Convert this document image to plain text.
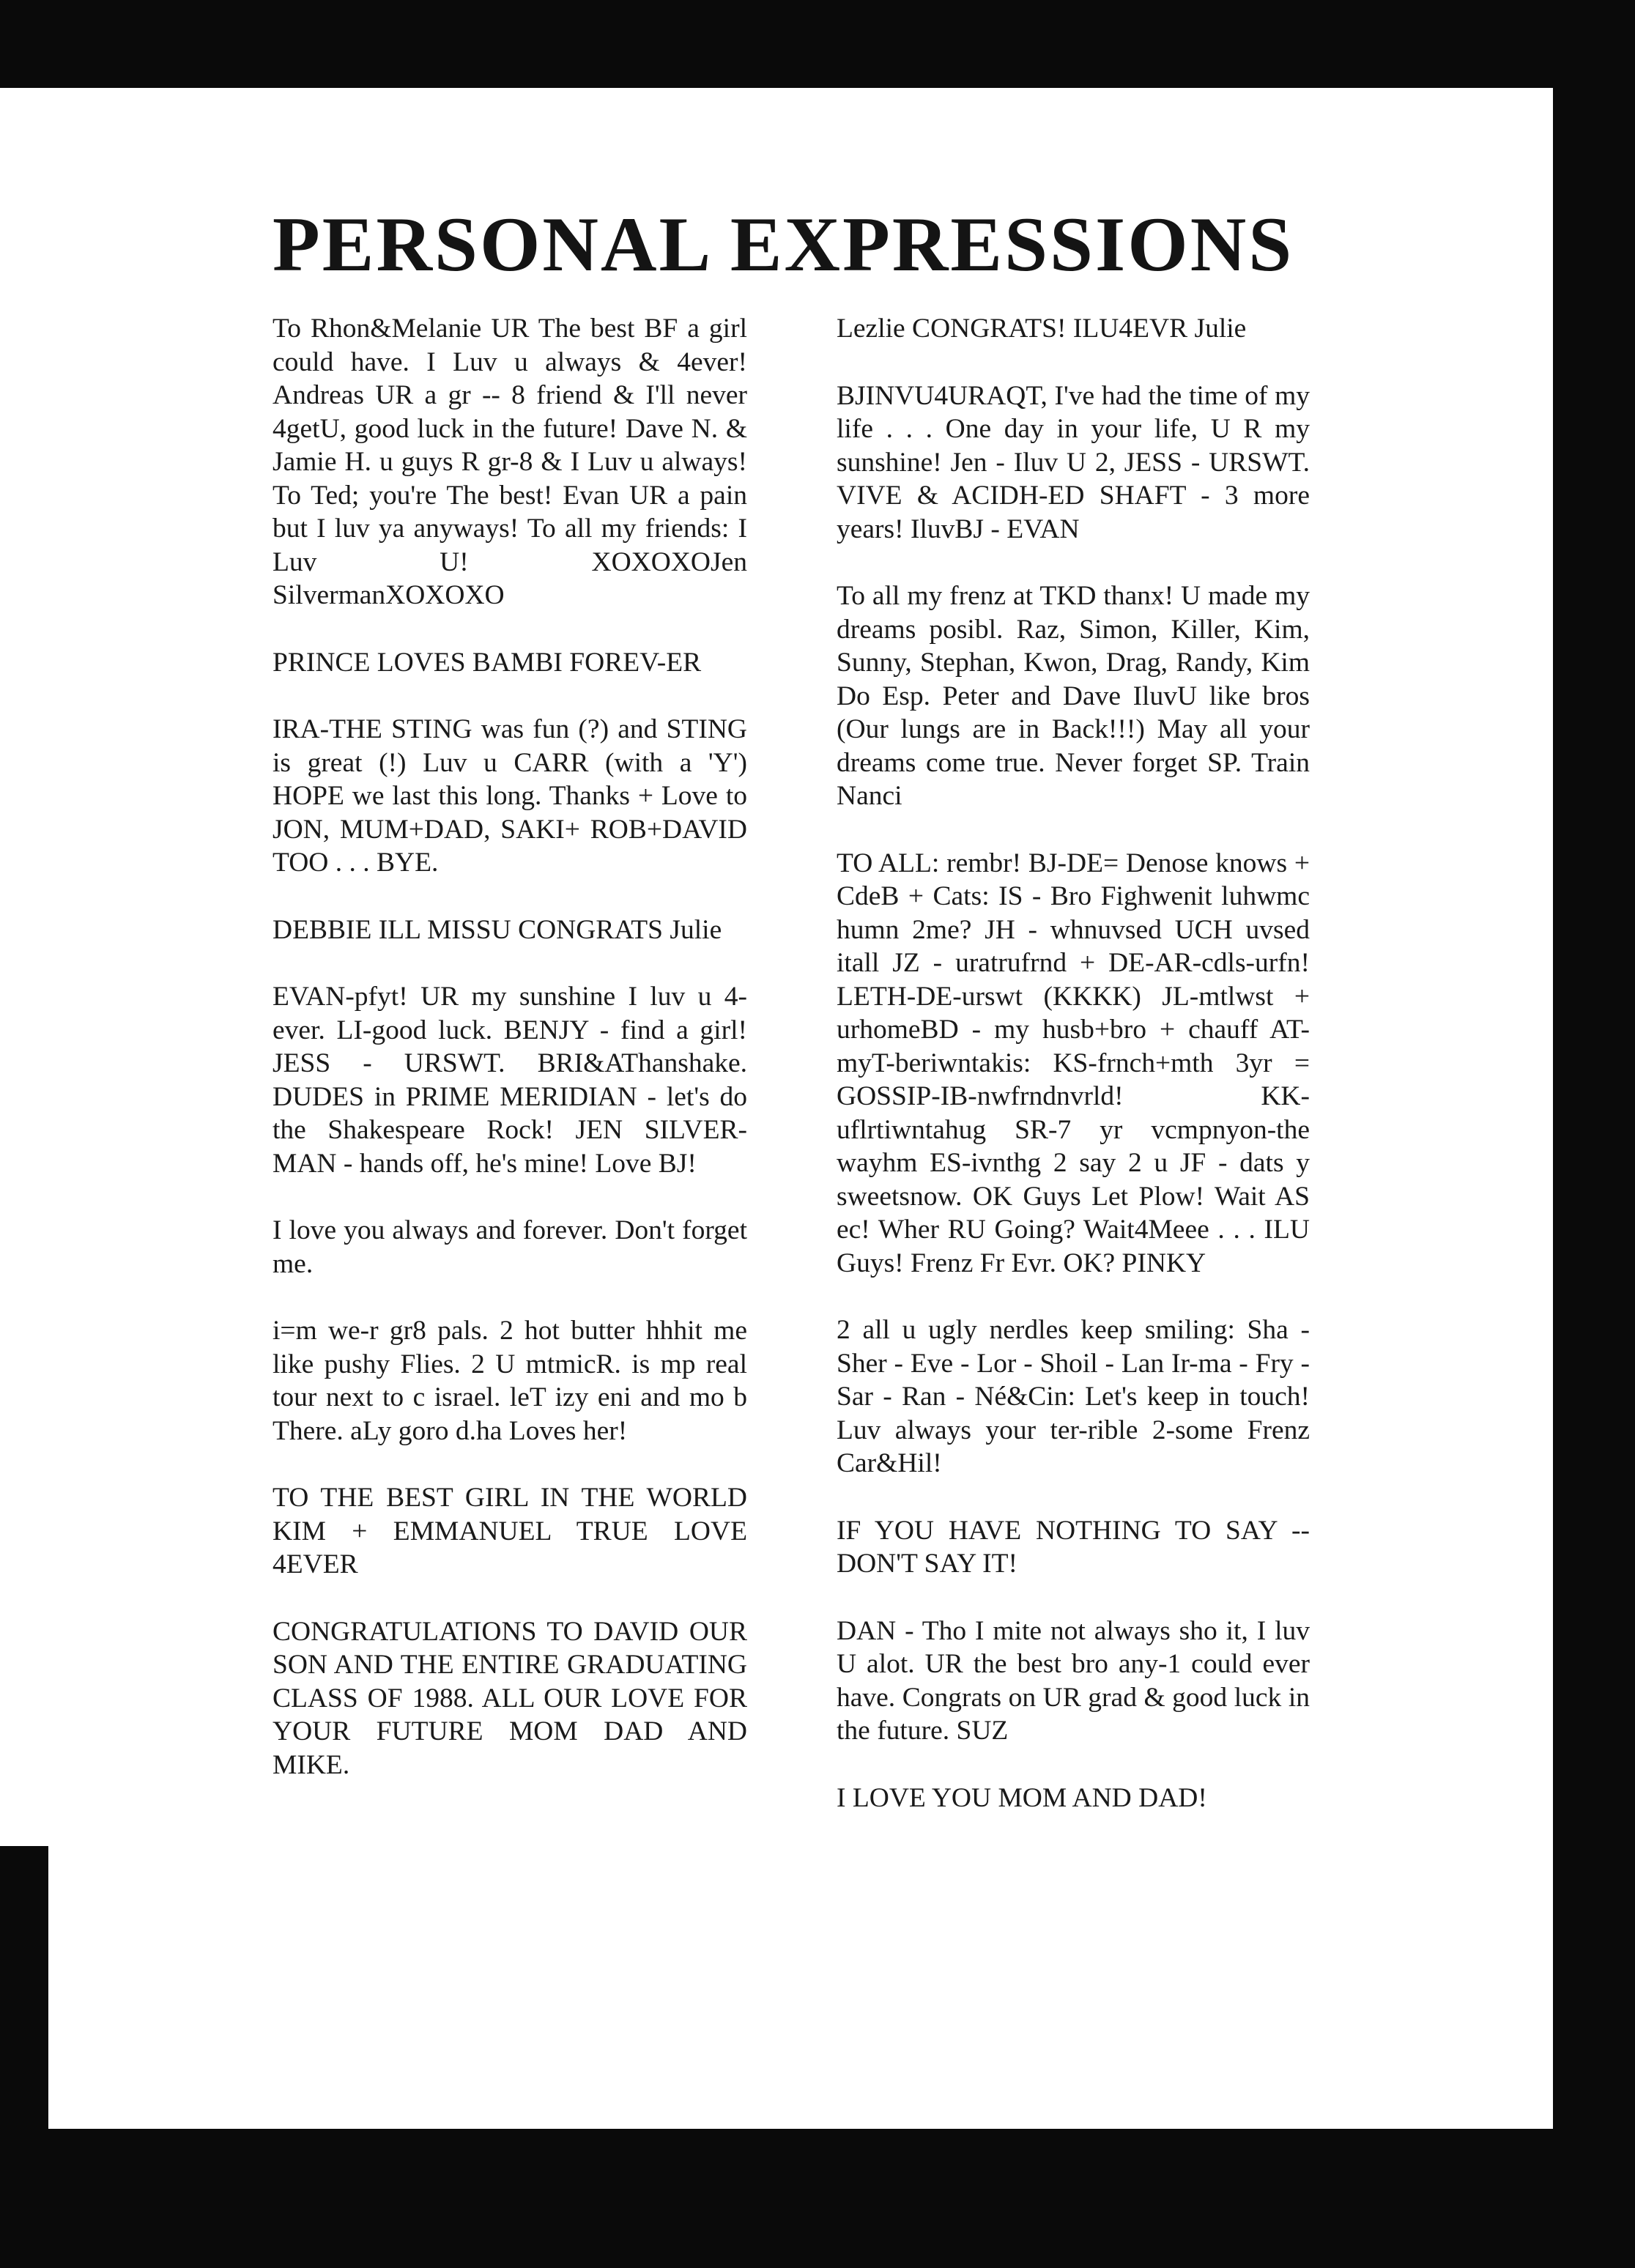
PERSONAL EXPRESSIONS

To Rhon&Melanie UR The best BF a girl could have. I Luv u always & 4ever! Andreas UR a gr -- 8 friend & I'll never 4getU, good luck in the future! Dave N. & Jamie H. u guys R gr-8 & I Luv u always! To Ted; you're The best! Evan UR a pain but I luv ya anyways! To all my friends: I Luv U! XOXOXOJen SilvermanXOXOXO

PRINCE LOVES BAMBI FOREV-ER

IRA-THE STING was fun (?) and STING is great (!) Luv u CARR (with a 'Y') HOPE we last this long. Thanks + Love to JON, MUM+DAD, SAKI+ ROB+DAVID TOO . . . BYE.

DEBBIE ILL MISSU CONGRATS Julie

EVAN-pfyt! UR my sunshine I luv u 4-ever. LI-good luck. BENJY - find a girl! JESS - URSWT. BRI&AThanshake. DUDES in PRIME MERIDIAN - let's do the Shakespeare Rock! JEN SILVER-MAN - hands off, he's mine! Love BJ!

I love you always and forever. Don't forget me.

i=m we-r gr8 pals. 2 hot butter hhhit me like pushy Flies. 2 U mtmicR. is mp real tour next to c israel. leT izy eni and mo b There. aLy goro d.ha Loves her!

TO THE BEST GIRL IN THE WORLD KIM + EMMANUEL TRUE LOVE 4EVER

CONGRATULATIONS TO DAVID OUR SON AND THE ENTIRE GRADUATING CLASS OF 1988. ALL OUR LOVE FOR YOUR FUTURE MOM DAD AND MIKE.

Lezlie CONGRATS! ILU4EVR Julie

BJINVU4URAQT, I've had the time of my life . . . One day in your life, U R my sunshine! Jen - Iluv U 2, JESS - URSWT. VIVE & ACIDH-ED SHAFT - 3 more years! IluvBJ - EVAN

To all my frenz at TKD thanx! U made my dreams posibl. Raz, Simon, Killer, Kim, Sunny, Stephan, Kwon, Drag, Randy, Kim Do Esp. Peter and Dave IluvU like bros (Our lungs are in Back!!!) May all your dreams come true. Never forget SP. Train Nanci

TO ALL: rembr! BJ-DE= Denose knows + CdeB + Cats: IS - Bro Fighwenit luhwmc humn 2me? JH - whnuvsed UCH uvsed itall JZ - uratrufrnd + DE-AR-cdls-urfn! LETH-DE-urswt (KKKK) JL-mtlwst + urhomeBD - my husb+bro + chauff AT-myT-beriwntakis: KS-frnch+mth 3yr = GOSSIP-IB-nwfrndnvrld! KK-uflrtiwntahug SR-7 yr vcmpnyon-the wayhm ES-ivnthg 2 say 2 u JF - dats y sweetsnow. OK Guys Let Plow! Wait AS ec! Wher RU Going? Wait4Meee . . . ILU Guys! Frenz Fr Evr. OK? PINKY

2 all u ugly nerdles keep smiling: Sha - Sher - Eve - Lor - Shoil - Lan Ir-ma - Fry - Sar - Ran - Né&Cin: Let's keep in touch! Luv always your ter-rible 2-some Frenz Car&Hil!

IF YOU HAVE NOTHING TO SAY -- DON'T SAY IT!

DAN - Tho I mite not always sho it, I luv U alot. UR the best bro any-1 could ever have. Congrats on UR grad & good luck in the future. SUZ

I LOVE YOU MOM AND DAD!
